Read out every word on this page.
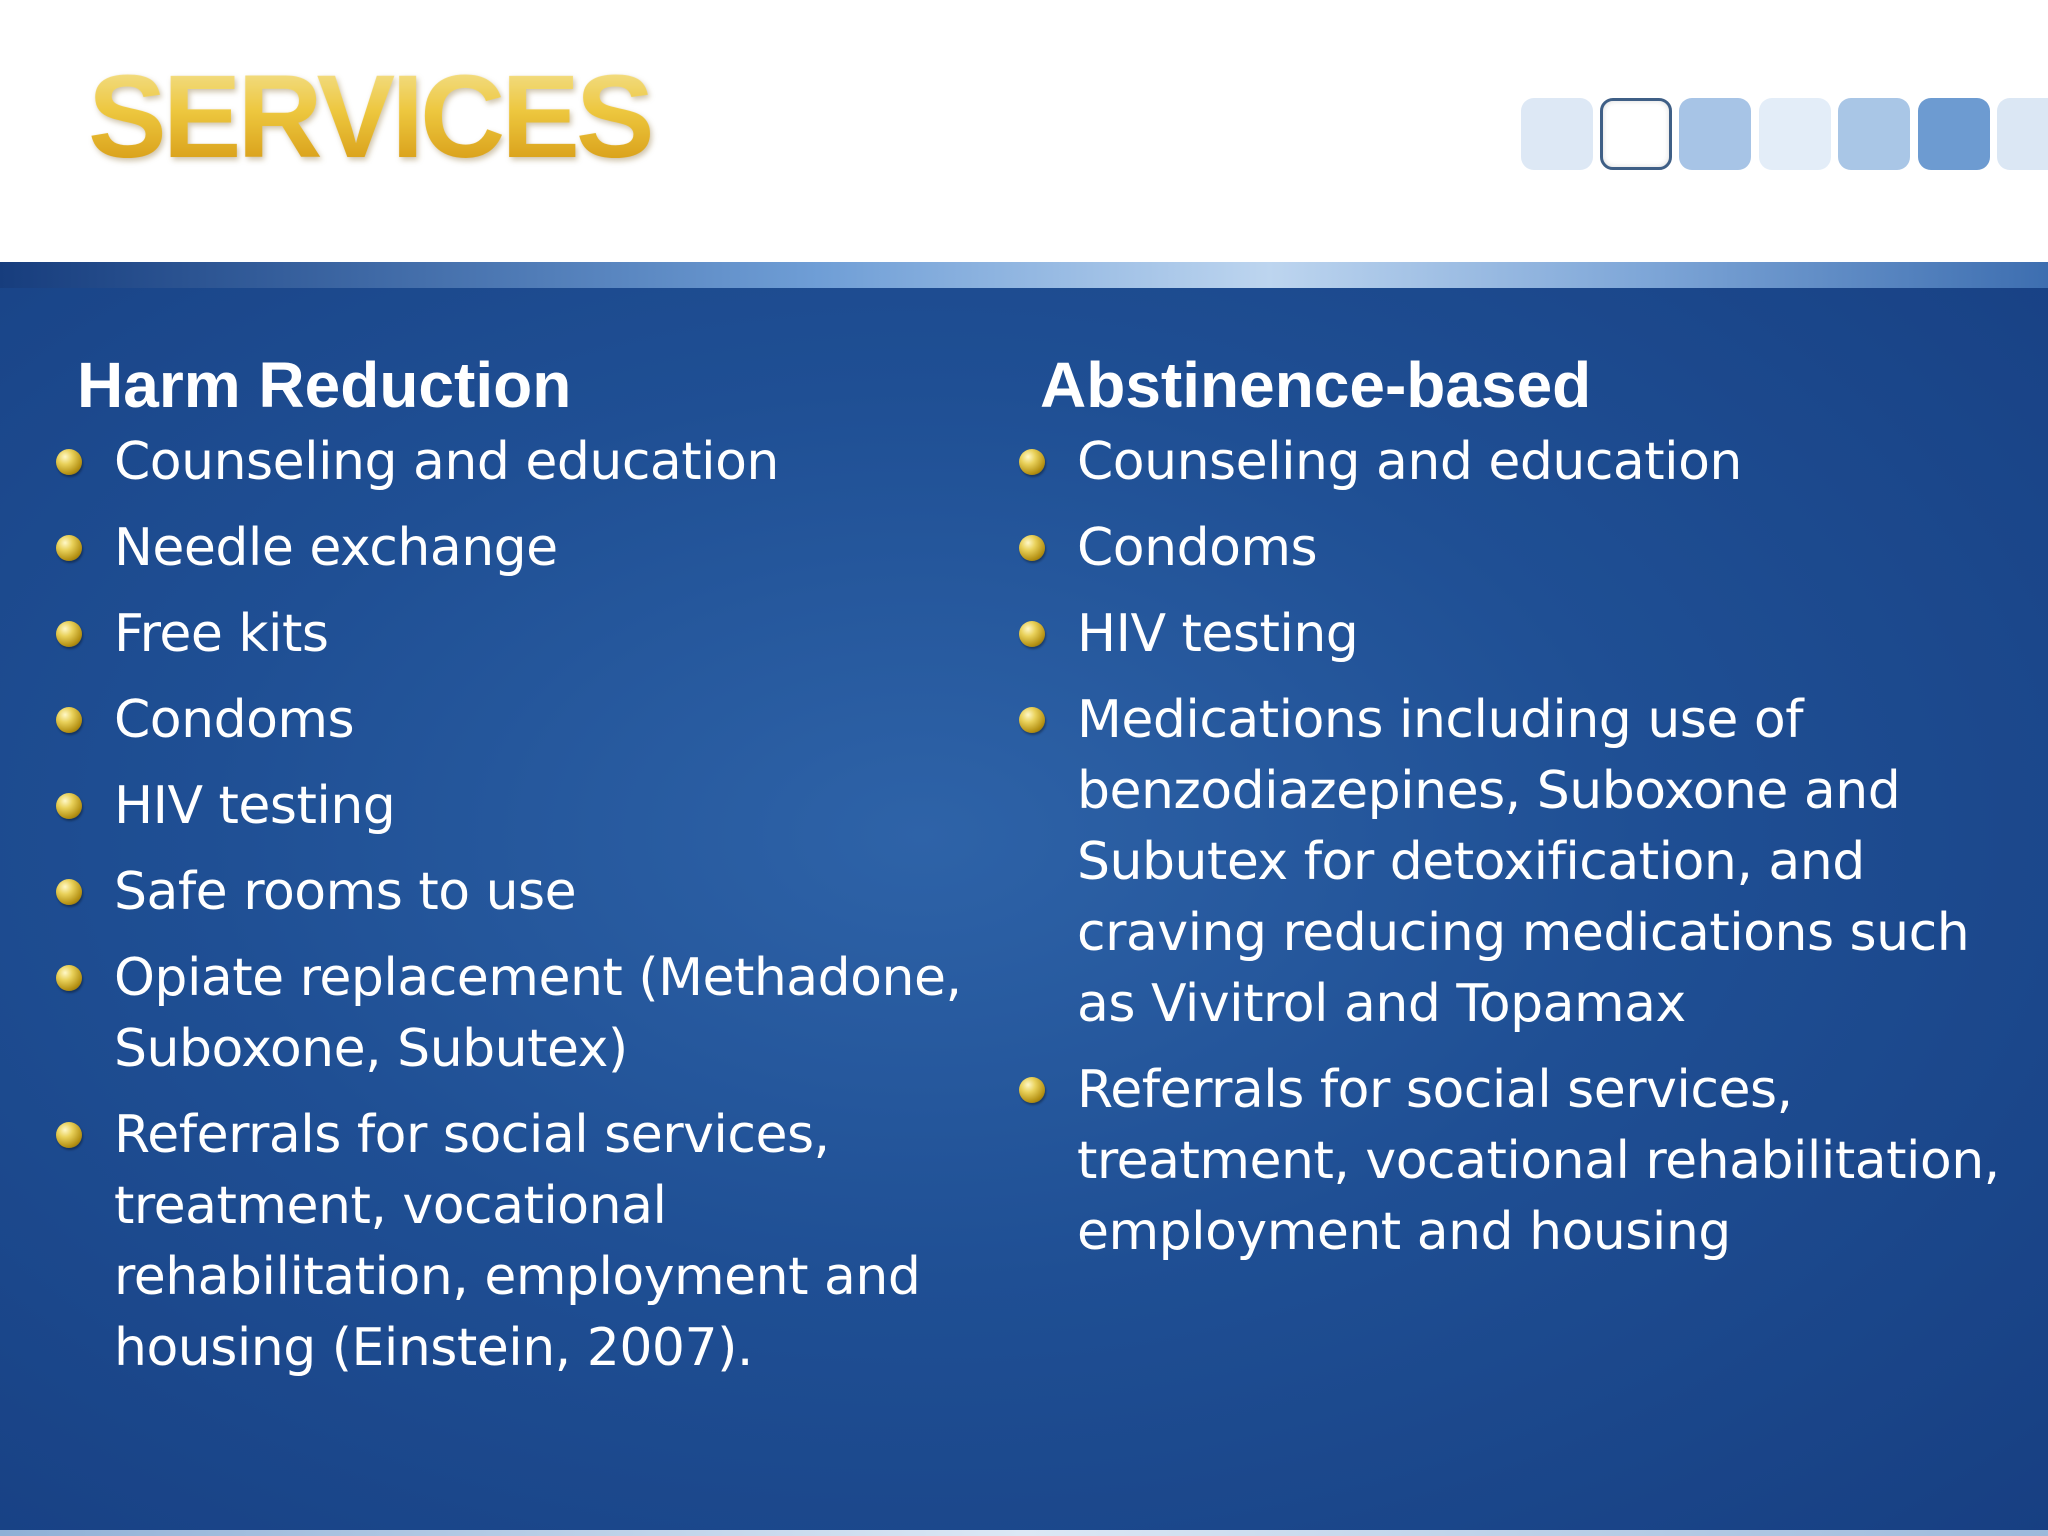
SERVICES
Harm Reduction
Counseling and education
Needle exchange
Free kits
Condoms
HIV testing
Safe rooms to use
Opiate replacement (Methadone, Suboxone, Subutex)
Referrals for social services, treatment, vocational rehabilitation, employment and housing (Einstein, 2007).
Abstinence-based
Counseling and education
Condoms
HIV testing
Medications including use of benzodiazepines, Suboxone and Subutex for detoxification, and craving reducing medications such as Vivitrol and Topamax
Referrals for social services, treatment, vocational rehabilitation, employment and housing
